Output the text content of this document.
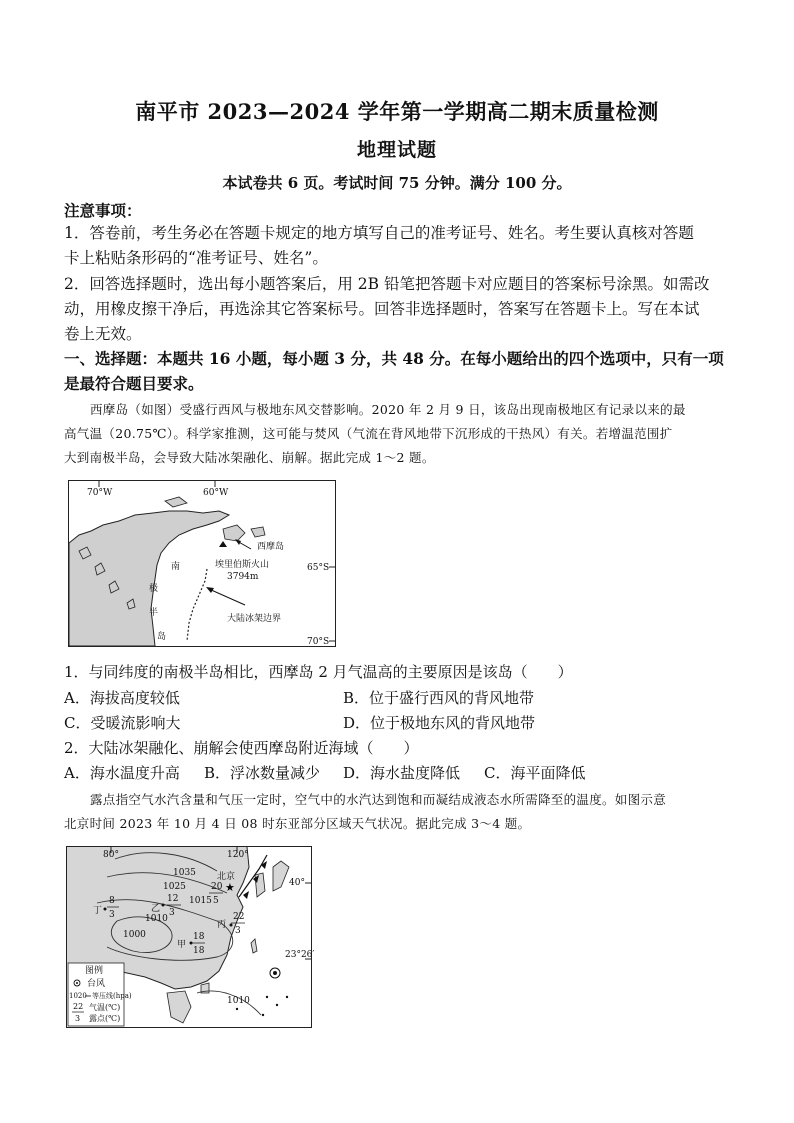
南平市 2023—2024 学年第一学期高二期末质量检测
地理试题
本试卷共 6 页。考试时间 75 分钟。满分 100 分。
注意事项：
1．答卷前，考生务必在答题卡规定的地方填写自己的准考证号、姓名。考生要认真核对答题
卡上粘贴条形码的“准考证号、姓名”。
2．回答选择题时，选出每小题答案后，用 2B 铅笔把答题卡对应题目的答案标号涂黑。如需改
动，用橡皮擦干净后，再选涂其它答案标号。回答非选择题时，答案写在答题卡上。写在本试
卷上无效。
一、选择题：本题共 16 小题，每小题 3 分，共 48 分。在每小题给出的四个选项中，只有一项
是最符合题目要求。
西摩岛（如图）受盛行西风与极地东风交替影响。2020 年 2 月 9 日，该岛出现南极地区有记录以来的最
高气温（20.75℃）。科学家推测，这可能与焚风（气流在背风地带下沉形成的干热风）有关。若增温范围扩
大到南极半岛，会导致大陆冰架融化、崩解。据此完成 1～2 题。
70°W	60°W
65°S
70°S
西摩岛
埃里伯斯火山
3794m
大陆冰架边界
南
极
半
岛
1．与同纬度的南极半岛相比，西摩岛 2 月气温高的主要原因是该岛（　　）
A．海拔高度较低	B．位于盛行西风的背风地带
C．受暖流影响大	D．位于极地东风的背风地带
2．大陆冰架融化、崩解会使西摩岛附近海域（　　）
A．海水温度升高 B．浮冰数量减少 D．海水盐度降低 C．海平面降低
露点指空气水汽含量和气压一定时，空气中的水汽达到饱和而凝结成液态水所需降至的温度。如图示意
北京时间 2023 年 10 月 4 日 08 时东亚部分区域天气状况。据此完成 3～4 题。
★
80°	120°
40°
23°26′
北京
1035
1025
1015
1010
1000
1010
丁
8
3
乙
12
3
20
5
丙
22
3
甲
18
18
图例
台风
1020 等压线(hpa)
22
3
气温(℃)
露点(℃)
